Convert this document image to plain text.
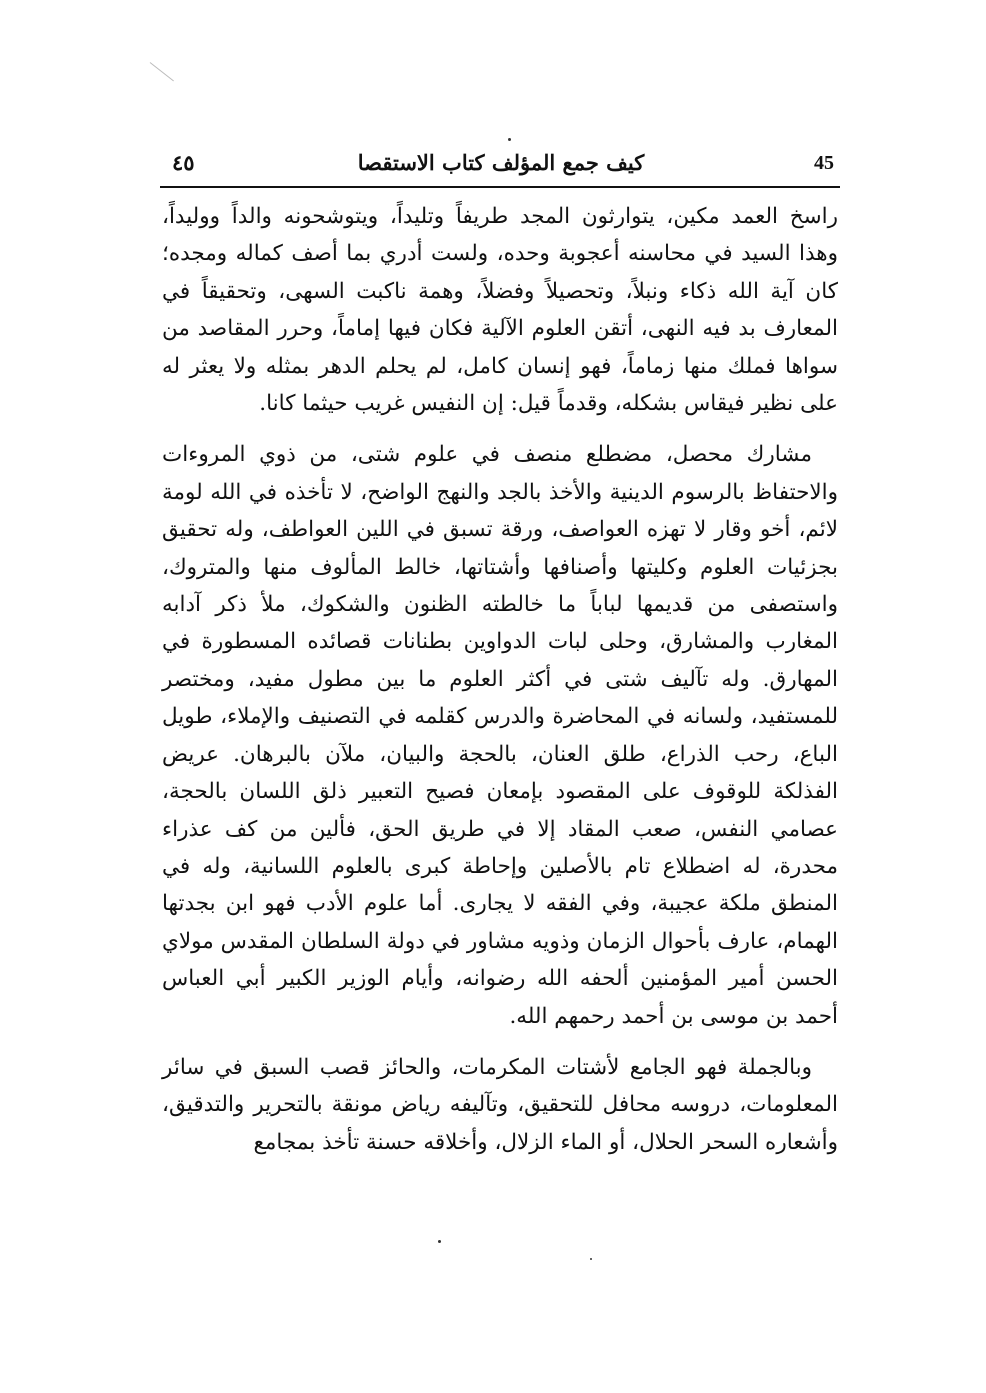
45
كيف جمع المؤلف كتاب الاستقصا
٤٥

راسخ العمد مكين، يتوارثون المجد طريفاً وتليداً، ويتوشحونه والداً ووليداً، وهذا السيد في محاسنه أعجوبة وحده، ولست أدري بما أصف كماله ومجده؛ كان آية الله ذكاء ونبلاً، وتحصيلاً وفضلاً، وهمة ناكبت السهى، وتحقيقاً في المعارف بد فيه النهى، أتقن العلوم الآلية فكان فيها إماماً، وحرر المقاصد من سواها فملك منها زماماً، فهو إنسان كامل، لم يحلم الدهر بمثله ولا يعثر له على نظير فيقاس بشكله، وقدماً قيل: إن النفيس غريب حيثما كانا.

مشارك محصل، مضطلع منصف في علوم شتى، من ذوي المروءات والاحتفاظ بالرسوم الدينية والأخذ بالجد والنهج الواضح، لا تأخذه في الله لومة لائم، أخو وقار لا تهزه العواصف، ورقة تسبق في اللين العواطف، وله تحقيق بجزئيات العلوم وكليتها وأصنافها وأشتاتها، خالط المألوف منها والمتروك، واستصفى من قديمها لباباً ما خالطته الظنون والشكوك، ملأ ذكر آدابه المغارب والمشارق، وحلى لبات الدواوين بطنانات قصائده المسطورة في المهارق. وله تآليف شتى في أكثر العلوم ما بين مطول مفيد، ومختصر للمستفيد، ولسانه في المحاضرة والدرس كقلمه في التصنيف والإملاء، طويل الباع، رحب الذراع، طلق العنان، بالحجة والبيان، ملآن بالبرهان. عريض الفذلكة للوقوف على المقصود بإمعان فصيح التعبير ذلق اللسان بالحجة، عصامي النفس، صعب المقاد إلا في طريق الحق، فألين من كف عذراء محدرة، له اضطلاع تام بالأصلين وإحاطة كبرى بالعلوم اللسانية، وله في المنطق ملكة عجيبة، وفي الفقه لا يجارى. أما علوم الأدب فهو ابن بجدتها الهمام، عارف بأحوال الزمان وذويه مشاور في دولة السلطان المقدس مولاي الحسن أمير المؤمنين ألحفه الله رضوانه، وأيام الوزير الكبير أبي العباس أحمد بن موسى بن أحمد رحمهم الله.

وبالجملة فهو الجامع لأشتات المكرمات، والحائز قصب السبق في سائر المعلومات، دروسه محافل للتحقيق، وتآليفه رياض مونقة بالتحرير والتدقيق، وأشعاره السحر الحلال، أو الماء الزلال، وأخلاقه حسنة تأخذ بمجامع
